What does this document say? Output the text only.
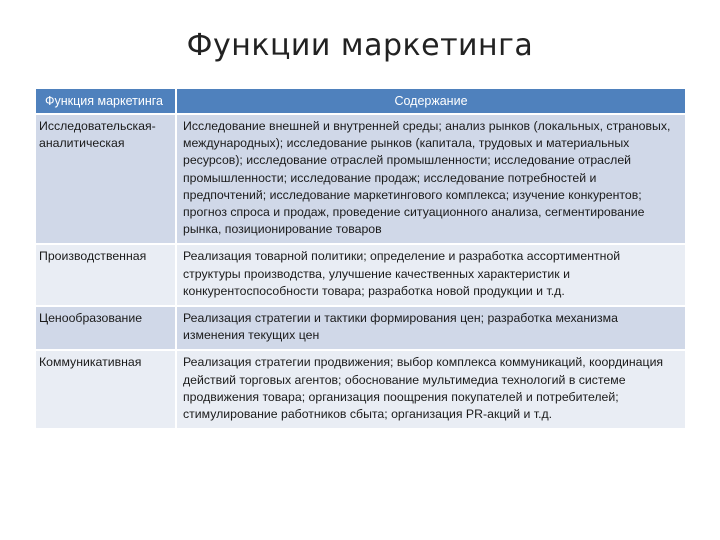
Функции маркетинга
Функция маркетинга	Содержание
Исследовательская-аналитическая	Исследование внешней и внутренней среды; анализ рынков (локальных, страновых, международных); исследование рынков (капитала, трудовых и материальных ресурсов); исследование отраслей промышленности; исследование отраслей промышленности; исследование продаж; исследование потребностей и предпочтений; исследование маркетингового комплекса; изучение конкурентов; прогноз спроса и продаж, проведение ситуационного анализа, сегментирование рынка, позиционирование товаров
Производственная	Реализация товарной политики; определение и разработка ассортиментной структуры производства, улучшение качественных характеристик и конкурентоспособности товара; разработка новой продукции и т.д.
Ценообразование	Реализация стратегии и тактики формирования цен; разработка механизма изменения текущих цен
Коммуникативная	Реализация стратегии продвижения; выбор комплекса коммуникаций, координация действий торговых агентов; обоснование мультимедиа технологий в системе продвижения товара; организация поощрения покупателей и потребителей; стимулирование работников сбыта; организация PR-акций и т.д.
